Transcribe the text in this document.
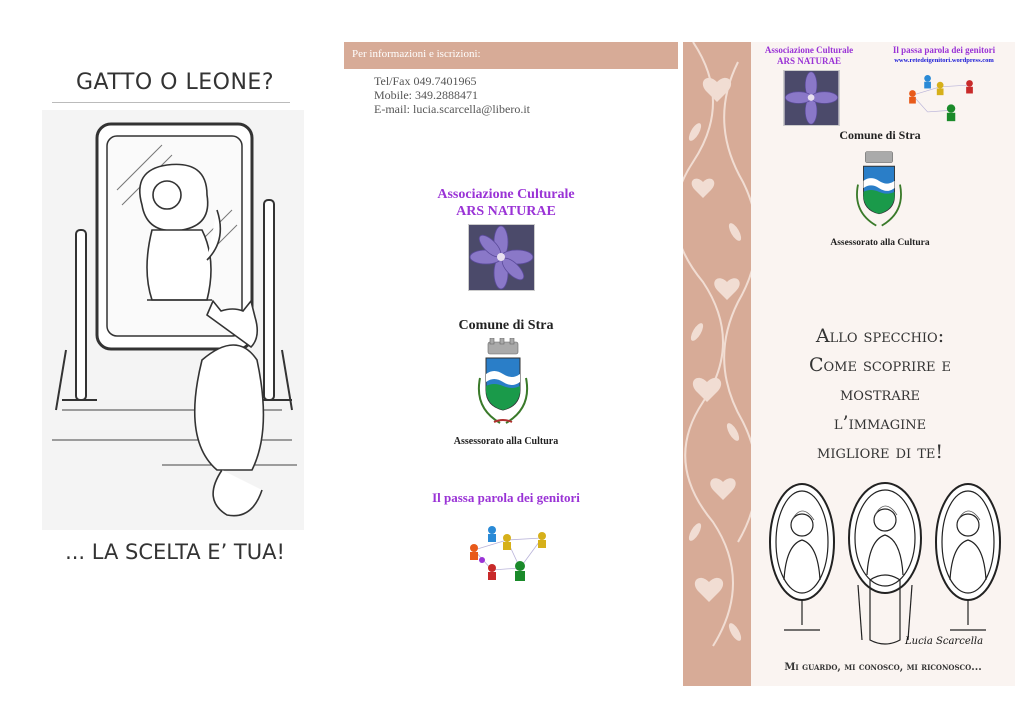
GATTO O LEONE?
... LA SCELTA E’ TUA!
Per informazioni e iscrizioni:
Tel/Fax 049.7401965
Mobile: 349.2888471
E-mail: lucia.scarcella@libero.it
Associazione Culturale
ARS NATURAE
Comune di Stra
Assessorato alla Cultura
Il passa parola dei genitori
Associazione Culturale
ARS NATURAE
Il passa parola dei genitori
www.retedeigenitori.wordpress.com
Comune di Stra
Assessorato alla Cultura
Allo specchio:
Come scoprire e
mostrare
l’immagine
migliore di te!
Lucia Scarcella
Mi guardo, mi conosco, mi riconosco...
